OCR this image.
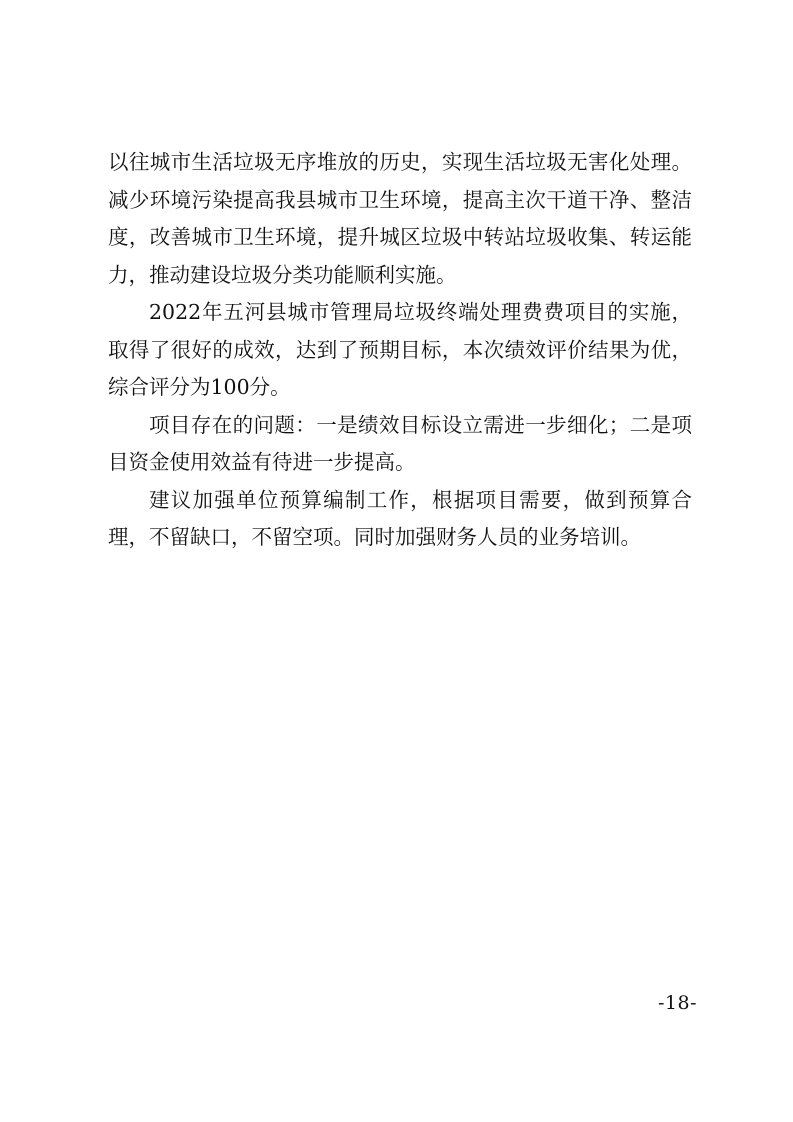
以往城市生活垃圾无序堆放的历史，实现生活垃圾无害化处理。减少环境污染提高我县城市卫生环境，提高主次干道干净、整洁度，改善城市卫生环境，提升城区垃圾中转站垃圾收集、转运能力，推动建设垃圾分类功能顺利实施。

2022年五河县城市管理局垃圾终端处理费费项目的实施，取得了很好的成效，达到了预期目标，本次绩效评价结果为优，综合评分为100分。

项目存在的问题：一是绩效目标设立需进一步细化；二是项目资金使用效益有待进一步提高。

建议加强单位预算编制工作，根据项目需要，做到预算合理，不留缺口，不留空项。同时加强财务人员的业务培训。

-18-
